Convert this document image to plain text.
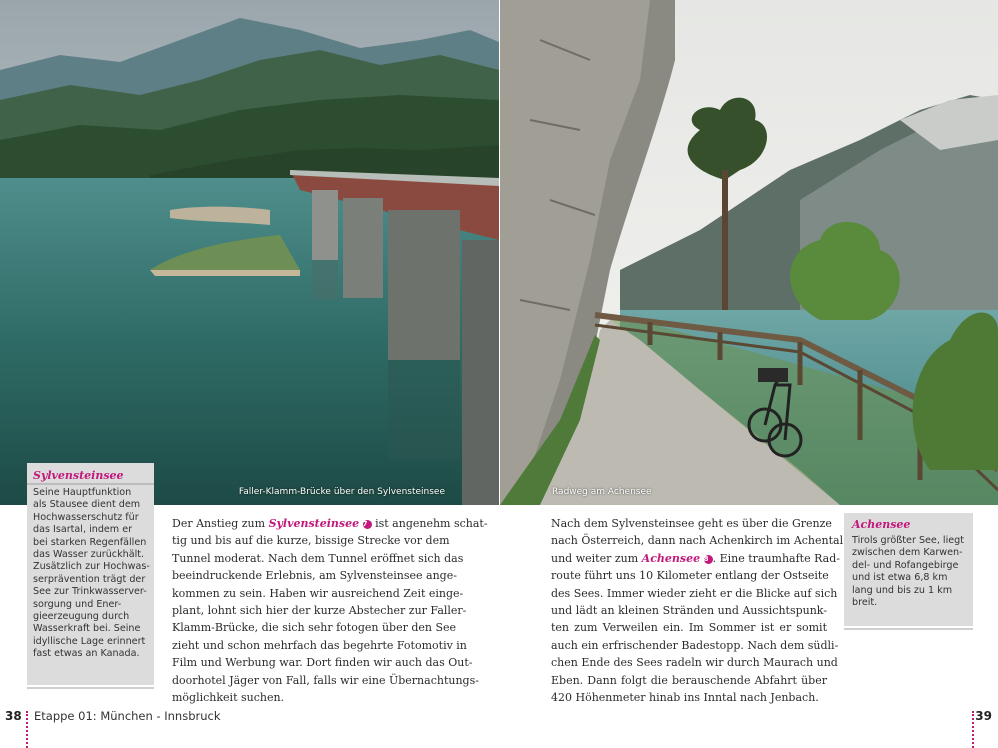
Faller-Klamm-Brücke über den Sylvensteinsee	Radweg am Achensee
Sylvensteinsee
Seine Hauptfunktion
als Stausee dient dem
Hochwasserschutz für
das Isartal, indem er
bei starken Regenfällen
das Wasser zurückhält.
Zusätzlich zur Hochwas-
serprävention trägt der
See zur Trinkwasserver-
sorgung und Ener-
gieerzeugung durch
Wasserkraft bei. Seine
idyllische Lage erinnert
fast etwas an Kanada.
Der Anstieg zum Sylvensteinsee 7 ist angenehm schat-
tig und bis auf die kurze, bissige Strecke vor dem
Tunnel moderat. Nach dem Tunnel eröffnet sich das
beeindruckende Erlebnis, am Sylvensteinsee ange-
kommen zu sein. Haben wir ausreichend Zeit einge-
plant, lohnt sich hier der kurze Abstecher zur Faller-
Klamm-Brücke, die sich sehr fotogen über den See
zieht und schon mehrfach das begehrte Fotomotiv in
Film und Werbung war. Dort finden wir auch das Out-
doorhotel Jäger von Fall, falls wir eine Übernachtungs-
möglichkeit suchen.
Nach dem Sylvensteinsee geht es über die Grenze
nach Österreich, dann nach Achenkirch im Achental
und weiter zum Achensee 8 . Eine traumhafte Rad-
route führt uns 10 Kilometer entlang der Ostseite
des Sees. Immer wieder zieht er die Blicke auf sich
und lädt an kleinen Stränden und Aussichtspunk-
ten zum Verweilen ein. Im Sommer ist er somit
auch ein erfrischender Badestopp. Nach dem südli-
chen Ende des Sees radeln wir durch Maurach und
Eben. Dann folgt die berauschende Abfahrt über
420 Höhenmeter hinab ins Inntal nach Jenbach.
Achensee
Tirols größter See, liegt
zwischen dem Karwen-
del- und Rofangebirge
und ist etwa 6,8 km
lang und bis zu 1 km
breit.
38 Etappe 01: München - Innsbruck	39
